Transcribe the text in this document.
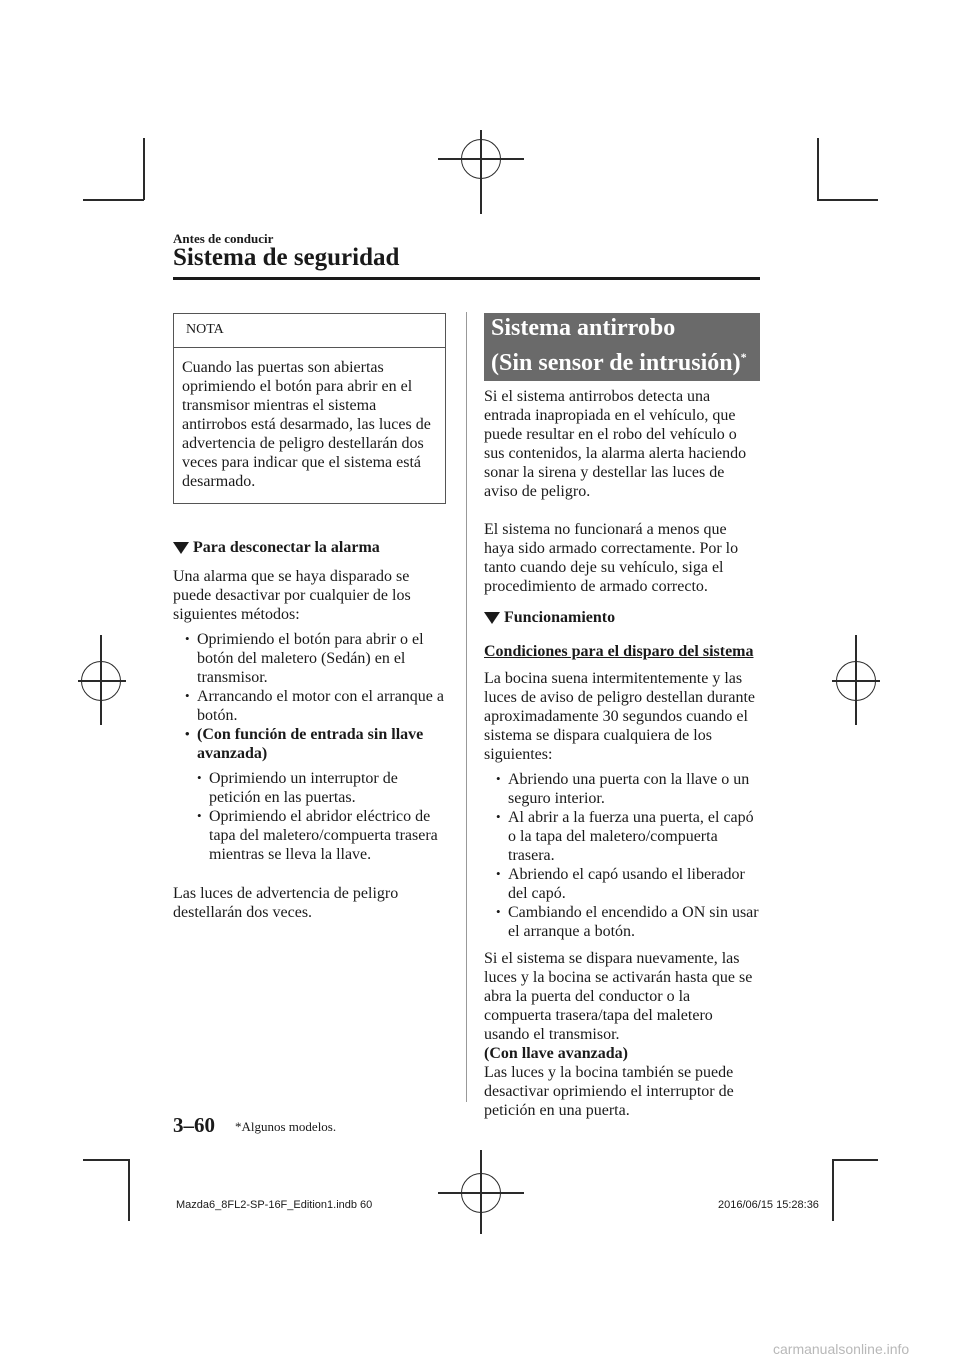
Antes de conducir
Sistema de seguridad
NOTA
Cuando las puertas son abiertas oprimiendo el botón para abrir en el transmisor mientras el sistema antirrobos está desarmado, las luces de advertencia de peligro destellarán dos veces para indicar que el sistema está desarmado.
Para desconectar la alarma

Una alarma que se haya disparado se puede desactivar por cualquier de los siguientes métodos:

• Oprimiendo el botón para abrir o el botón del maletero (Sedán) en el transmisor.
• Arrancando el motor con el arranque a botón.
• (Con función de entrada sin llave avanzada)
• Oprimiendo un interruptor de petición en las puertas.
• Oprimiendo el abridor eléctrico de tapa del maletero/compuerta trasera mientras se lleva la llave.

Las luces de advertencia de peligro destellarán dos veces.

Sistema antirrobo
(Sin sensor de intrusión)*

Si el sistema antirrobos detecta una entrada inapropiada en el vehículo, que puede resultar en el robo del vehículo o sus contenidos, la alarma alerta haciendo sonar la sirena y destellar las luces de aviso de peligro.

El sistema no funcionará a menos que haya sido armado correctamente. Por lo tanto cuando deje su vehículo, siga el procedimiento de armado correcto.

Funcionamiento

Condiciones para el disparo del sistema

La bocina suena intermitentemente y las luces de aviso de peligro destellan durante aproximadamente 30 segundos cuando el sistema se dispara cualquiera de los siguientes:

• Abriendo una puerta con la llave o un seguro interior.
• Al abrir a la fuerza una puerta, el capó o la tapa del maletero/compuerta trasera.
• Abriendo el capó usando el liberador del capó.
• Cambiando el encendido a ON sin usar el arranque a botón.

Si el sistema se dispara nuevamente, las luces y la bocina se activarán hasta que se abra la puerta del conductor o la compuerta trasera/tapa del maletero usando el transmisor.

(Con llave avanzada)

Las luces y la bocina también se puede desactivar oprimiendo el interruptor de petición en una puerta.

3–60 *Algunos modelos.
Mazda6_8FL2-SP-16F_Edition1.indb 60	2016/06/15 15:28:36
carmanualsonline.info
